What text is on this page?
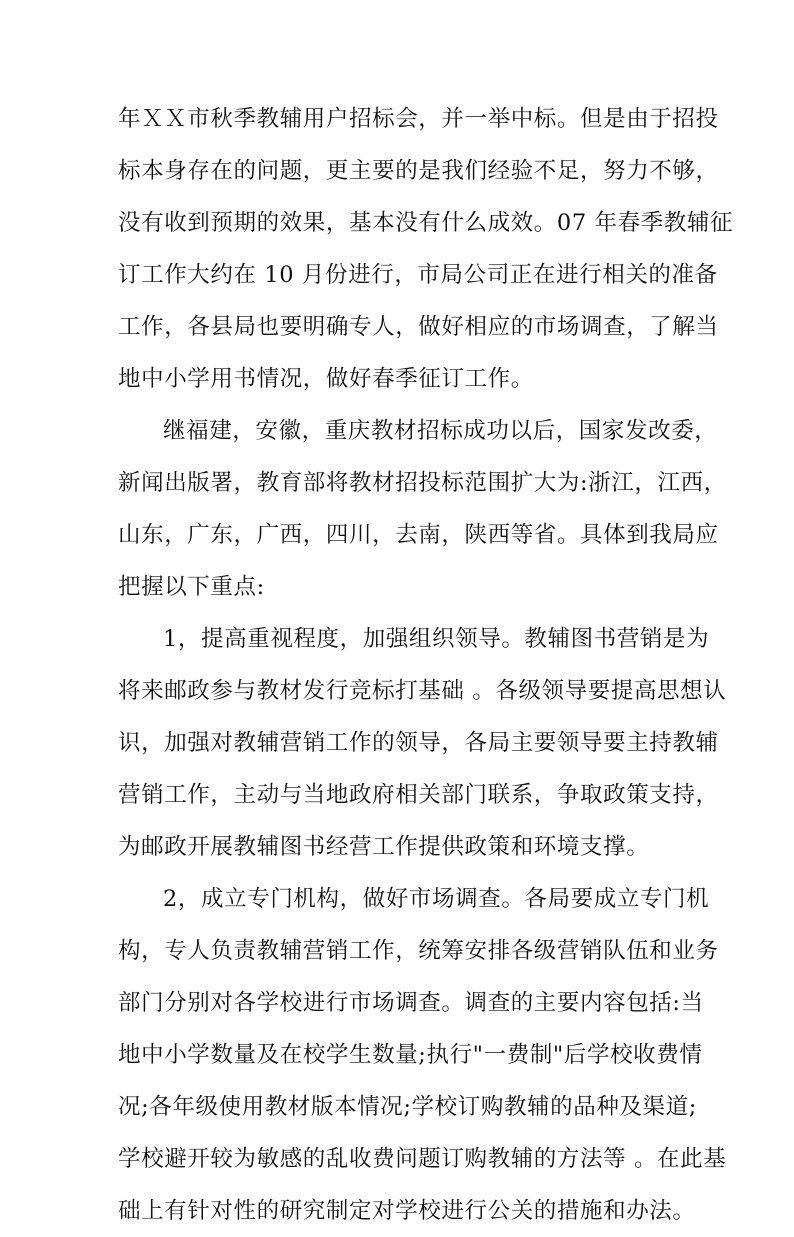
年ＸＸ市秋季教辅用户招标会，并一举中标。但是由于招投
标本身存在的问题，更主要的是我们经验不足，努力不够，
没有收到预期的效果，基本没有什么成效。07 年春季教辅征
订工作大约在 10 月份进行，市局公司正在进行相关的准备
工作，各县局也要明确专人，做好相应的市场调查，了解当
地中小学用书情况，做好春季征订工作。
继福建，安徽，重庆教材招标成功以后，国家发改委，
新闻出版署，教育部将教材招投标范围扩大为:浙江，江西，
山东，广东，广西，四川，去南，陕西等省。具体到我局应
把握以下重点:
1，提高重视程度，加强组织领导。教辅图书营销是为
将来邮政参与教材发行竞标打基础 。各级领导要提高思想认
识，加强对教辅营销工作的领导，各局主要领导要主持教辅
营销工作，主动与当地政府相关部门联系，争取政策支持，
为邮政开展教辅图书经营工作提供政策和环境支撑。
2，成立专门机构，做好市场调查。各局要成立专门机
构，专人负责教辅营销工作，统筹安排各级营销队伍和业务
部门分别对各学校进行市场调查。调查的主要内容包括:当
地中小学数量及在校学生数量;执行"一费制"后学校收费情
况;各年级使用教材版本情况;学校订购教辅的品种及渠道;
学校避开较为敏感的乱收费问题订购教辅的方法等 。在此基
础上有针对性的研究制定对学校进行公关的措施和办法。
